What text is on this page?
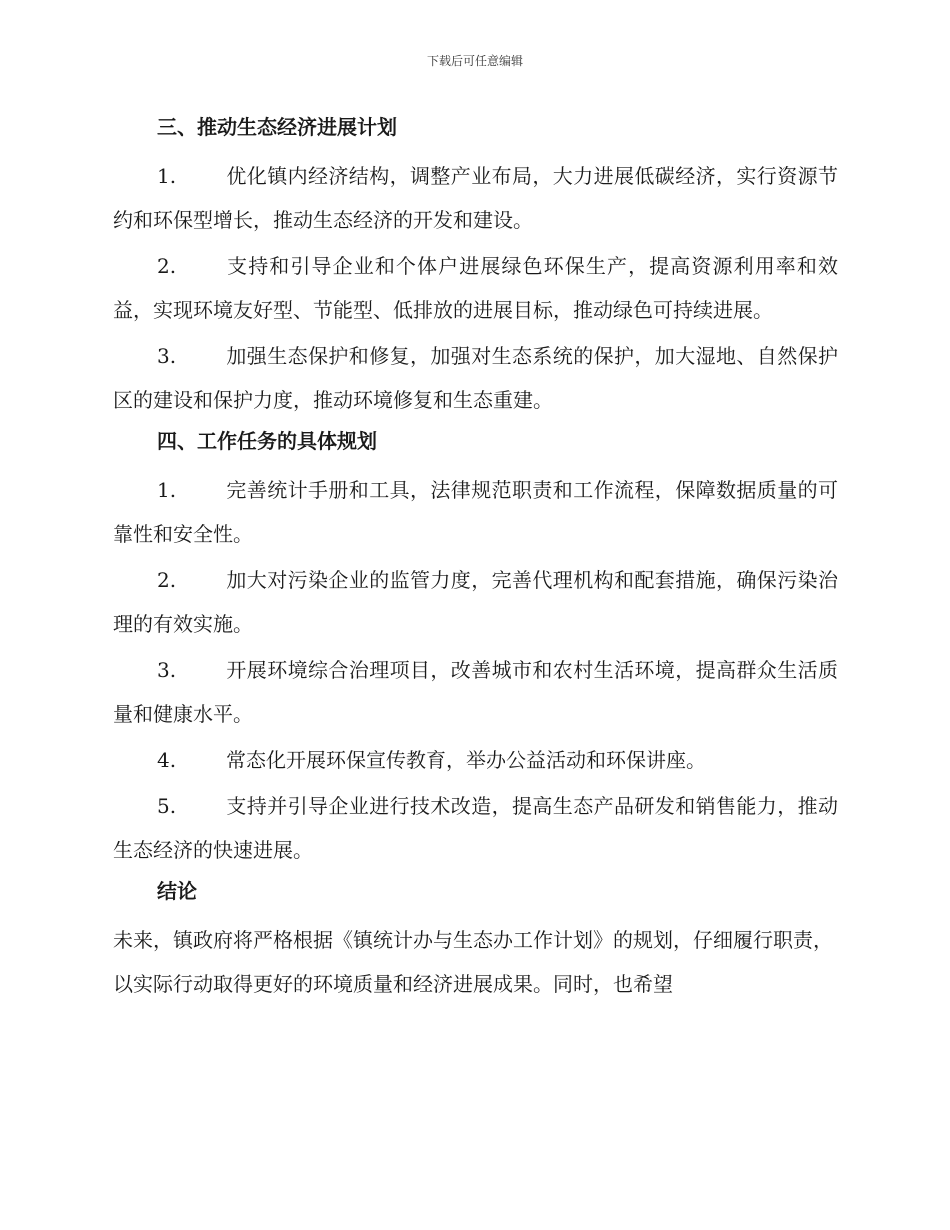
下载后可任意编辑
三、推动生态经济进展计划
1. 优化镇内经济结构，调整产业布局，大力进展低碳经济，实行资源节约和环保型增长，推动生态经济的开发和建设。
2. 支持和引导企业和个体户进展绿色环保生产，提高资源利用率和效益，实现环境友好型、节能型、低排放的进展目标，推动绿色可持续进展。
3. 加强生态保护和修复，加强对生态系统的保护，加大湿地、自然保护区的建设和保护力度，推动环境修复和生态重建。
四、工作任务的具体规划
1. 完善统计手册和工具，法律规范职责和工作流程，保障数据质量的可靠性和安全性。
2. 加大对污染企业的监管力度，完善代理机构和配套措施，确保污染治理的有效实施。
3. 开展环境综合治理项目，改善城市和农村生活环境，提高群众生活质量和健康水平。
4. 常态化开展环保宣传教育，举办公益活动和环保讲座。
5. 支持并引导企业进行技术改造，提高生态产品研发和销售能力，推动生态经济的快速进展。
结论

未来，镇政府将严格根据《镇统计办与生态办工作计划》的规划，仔细履行职责，以实际行动取得更好的环境质量和经济进展成果。同时，也希望
